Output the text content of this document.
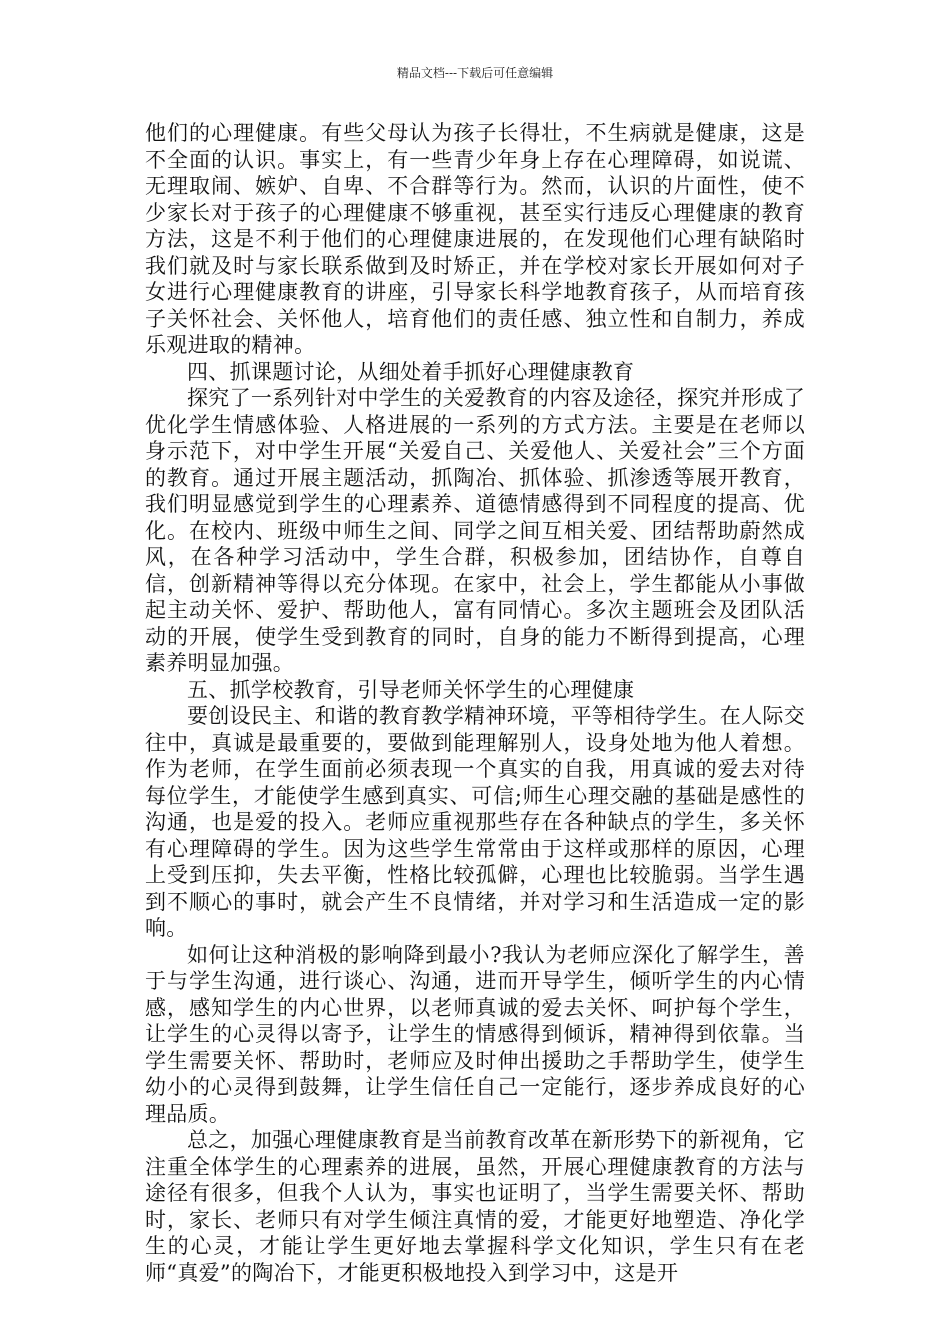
精品文档---下载后可任意编辑

他们的心理健康。有些父母认为孩子长得壮，不生病就是健康，这是不全面的认识。事实上，有一些青少年身上存在心理障碍，如说谎、无理取闹、嫉妒、自卑、不合群等行为。然而，认识的片面性，使不少家长对于孩子的心理健康不够重视，甚至实行违反心理健康的教育方法，这是不利于他们的心理健康进展的，在发现他们心理有缺陷时我们就及时与家长联系做到及时矫正，并在学校对家长开展如何对子女进行心理健康教育的讲座，引导家长科学地教育孩子，从而培育孩子关怀社会、关怀他人，培育他们的责任感、独立性和自制力，养成乐观进取的精神。

四、抓课题讨论，从细处着手抓好心理健康教育

探究了一系列针对中学生的关爱教育的内容及途径，探究并形成了优化学生情感体验、人格进展的一系列的方式方法。主要是在老师以身示范下，对中学生开展“关爱自己、关爱他人、关爱社会”三个方面的教育。通过开展主题活动，抓陶冶、抓体验、抓渗透等展开教育，我们明显感觉到学生的心理素养、道德情感得到不同程度的提高、优化。在校内、班级中师生之间、同学之间互相关爱、团结帮助蔚然成风，在各种学习活动中，学生合群，积极参加，团结协作，自尊自信，创新精神等得以充分体现。在家中，社会上，学生都能从小事做起主动关怀、爱护、帮助他人，富有同情心。多次主题班会及团队活动的开展，使学生受到教育的同时，自身的能力不断得到提高，心理素养明显加强。

五、抓学校教育，引导老师关怀学生的心理健康

要创设民主、和谐的教育教学精神环境，平等相待学生。在人际交往中，真诚是最重要的，要做到能理解别人，设身处地为他人着想。作为老师，在学生面前必须表现一个真实的自我，用真诚的爱去对待每位学生，才能使学生感到真实、可信;师生心理交融的基础是感性的沟通，也是爱的投入。老师应重视那些存在各种缺点的学生，多关怀有心理障碍的学生。因为这些学生常常由于这样或那样的原因，心理上受到压抑，失去平衡，性格比较孤僻，心理也比较脆弱。当学生遇到不顺心的事时，就会产生不良情绪，并对学习和生活造成一定的影响。

如何让这种消极的影响降到最小?我认为老师应深化了解学生，善于与学生沟通，进行谈心、沟通，进而开导学生，倾听学生的内心情感，感知学生的内心世界，以老师真诚的爱去关怀、呵护每个学生，让学生的心灵得以寄予，让学生的情感得到倾诉，精神得到依靠。当学生需要关怀、帮助时，老师应及时伸出援助之手帮助学生，使学生幼小的心灵得到鼓舞，让学生信任自己一定能行，逐步养成良好的心理品质。

总之，加强心理健康教育是当前教育改革在新形势下的新视角，它注重全体学生的心理素养的进展，虽然，开展心理健康教育的方法与途径有很多，但我个人认为，事实也证明了，当学生需要关怀、帮助时，家长、老师只有对学生倾注真情的爱，才能更好地塑造、净化学生的心灵，才能让学生更好地去掌握科学文化知识，学生只有在老师“真爱”的陶冶下，才能更积极地投入到学习中，这是开
